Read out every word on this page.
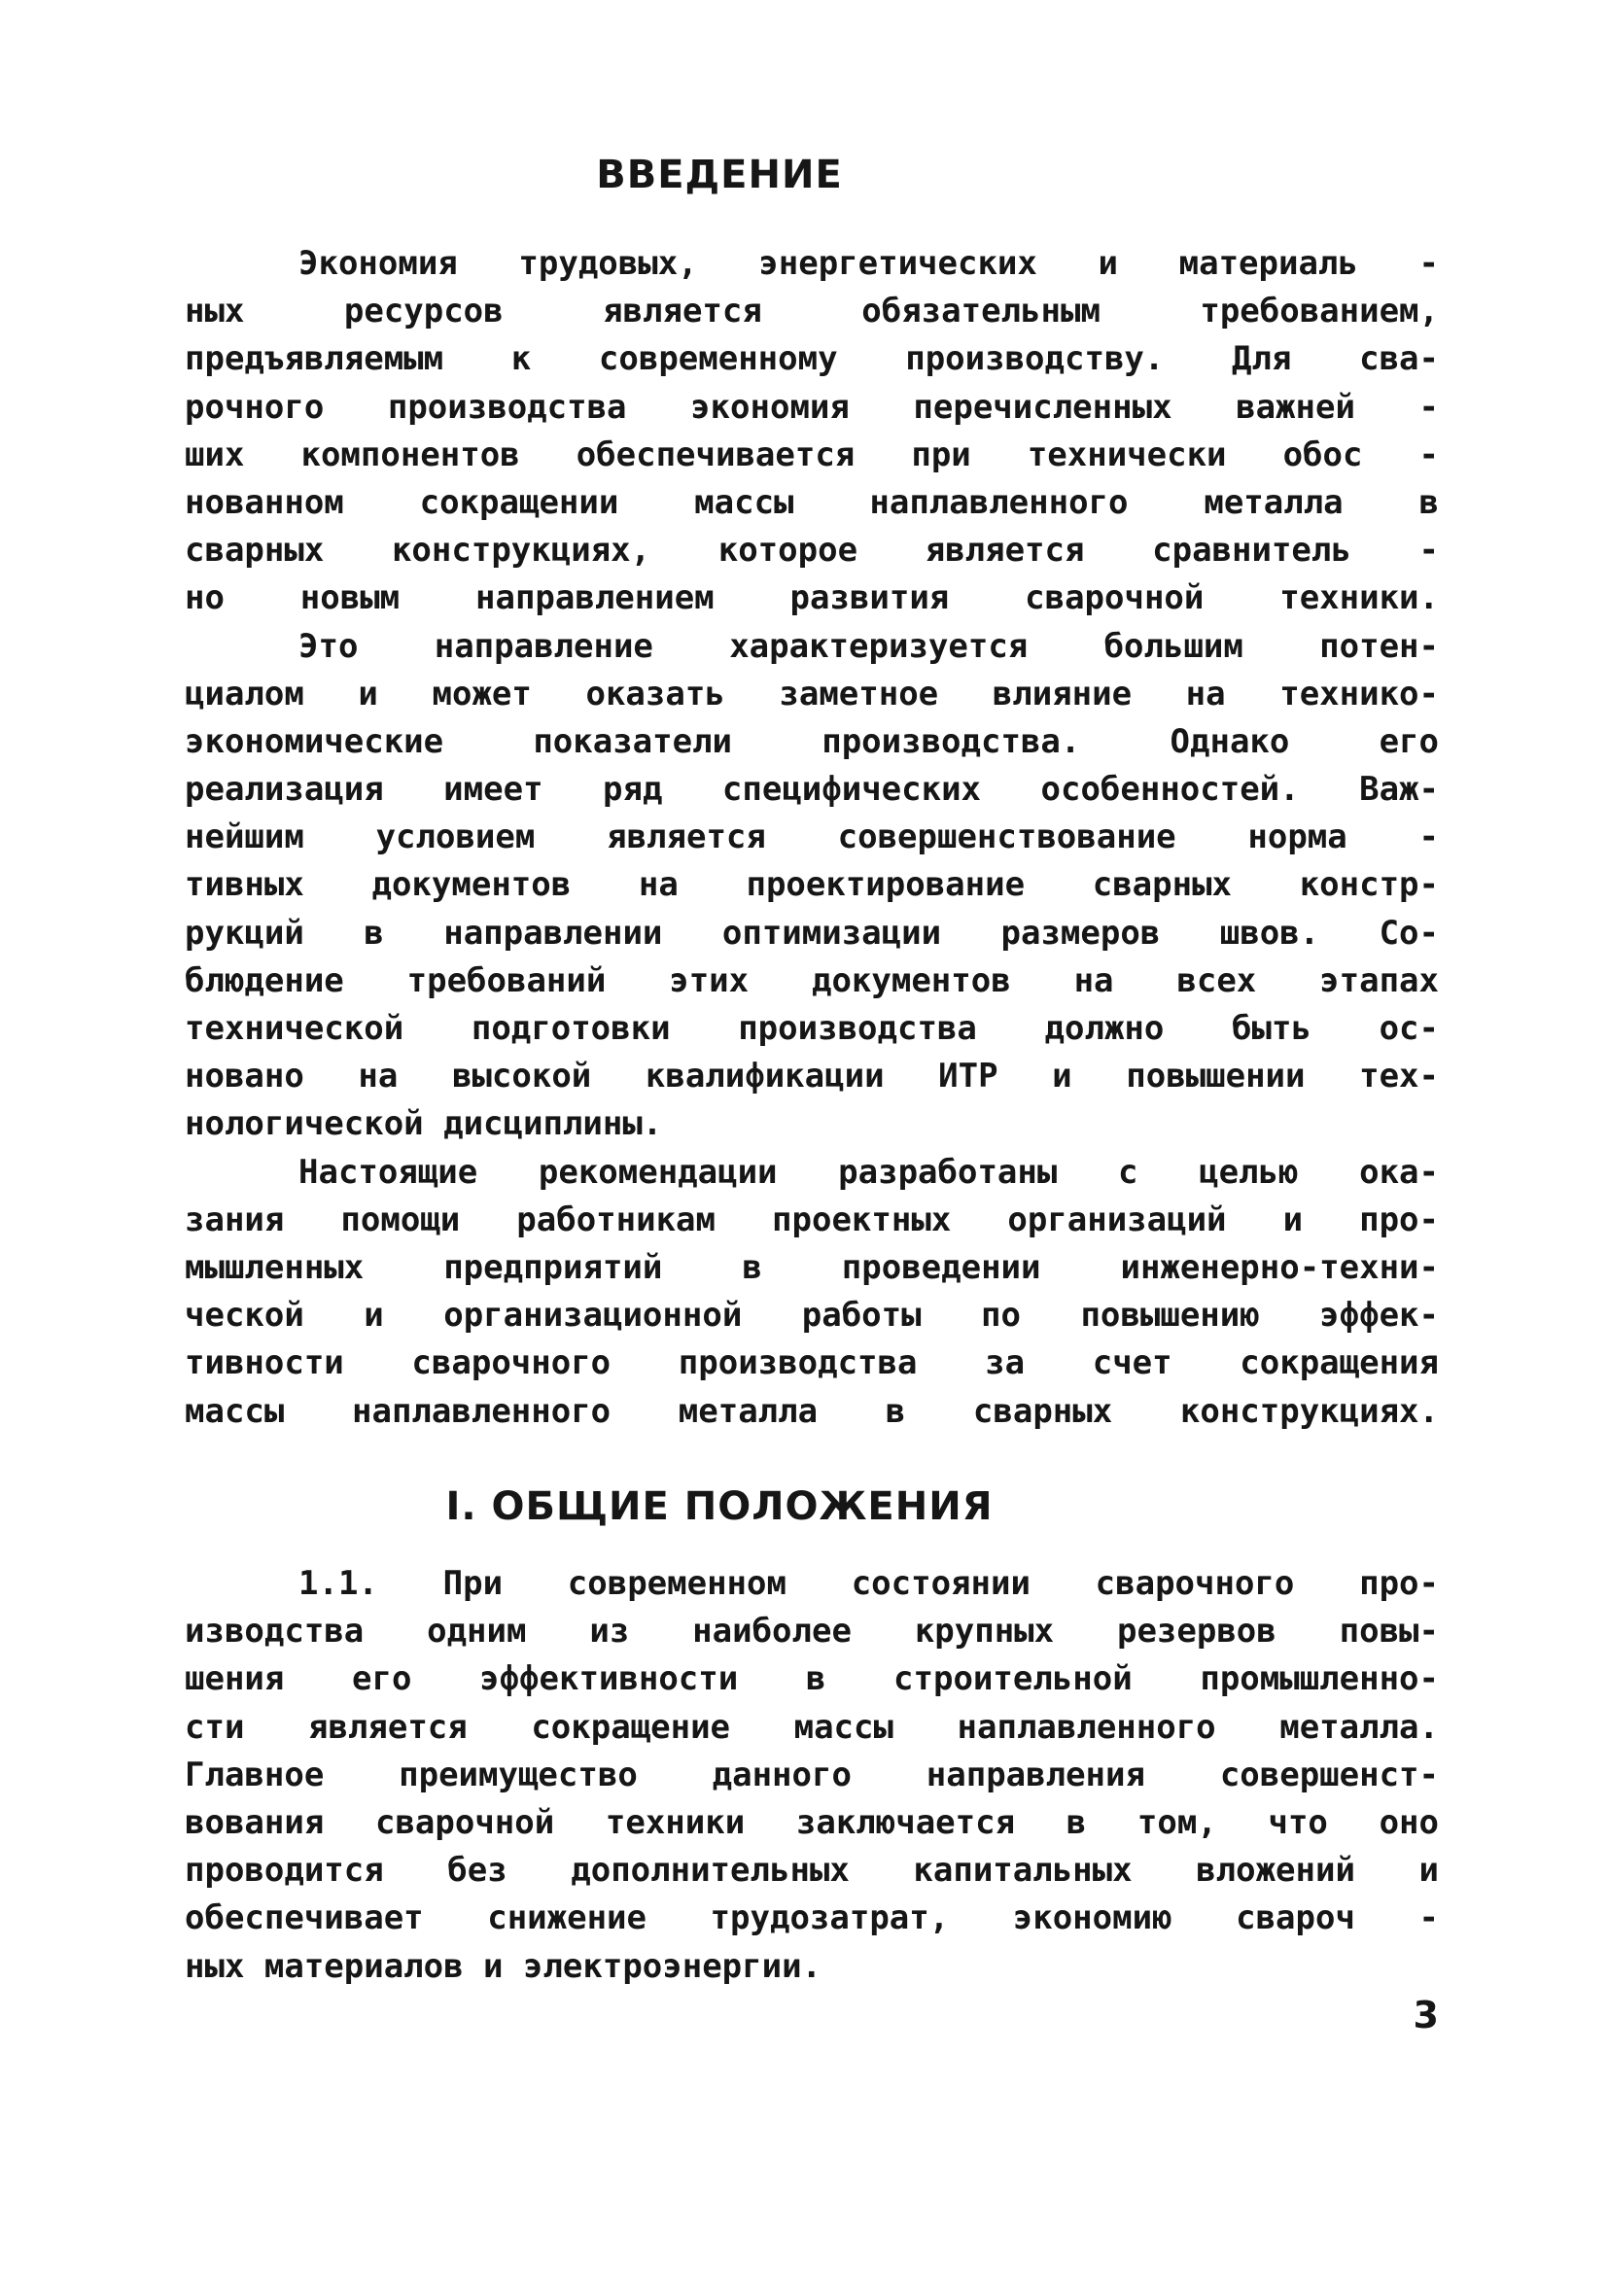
ВВЕДЕНИЕ
Экономия трудовых, энергетических и материаль -
ных ресурсов является обязательным требованием,
предъявляемым к современному производству. Для сва-
рочного производства экономия перечисленных важней -
ших компонентов обеспечивается при технически обос -
нованном сокращении массы наплавленного металла в
сварных конструкциях, которое является сравнитель -
но новым направлением развития сварочной техники.
Это направление характеризуется большим потен-
циалом и может оказать заметное влияние на технико-
экономические показатели производства. Однако его
реализация имеет ряд специфических особенностей. Важ-
нейшим условием является совершенствование норма -
тивных документов на проектирование сварных констр-
рукций в направлении оптимизации размеров швов. Со-
блюдение требований этих документов на всех этапах
технической подготовки производства должно быть ос-
новано на высокой квалификации ИТР и повышении тех-
нологической дисциплины.
Настоящие рекомендации разработаны с целью ока-
зания помощи работникам проектных организаций и про-
мышленных предприятий в проведении инженерно-техни-
ческой и организационной работы по повышению эффек-
тивности сварочного производства за счет сокращения
массы наплавленного металла в сварных конструкциях.
I. ОБЩИЕ ПОЛОЖЕНИЯ
1.1. При современном состоянии сварочного про-
изводства одним из наиболее крупных резервов повы-
шения его эффективности в строительной промышленно-
сти является сокращение массы наплавленного металла.
Главное преимущество данного направления совершенст-
вования сварочной техники заключается в том, что оно
проводится без дополнительных капитальных вложений и
обеспечивает снижение трудозатрат, экономию свароч -
ных материалов и электроэнергии.
3
